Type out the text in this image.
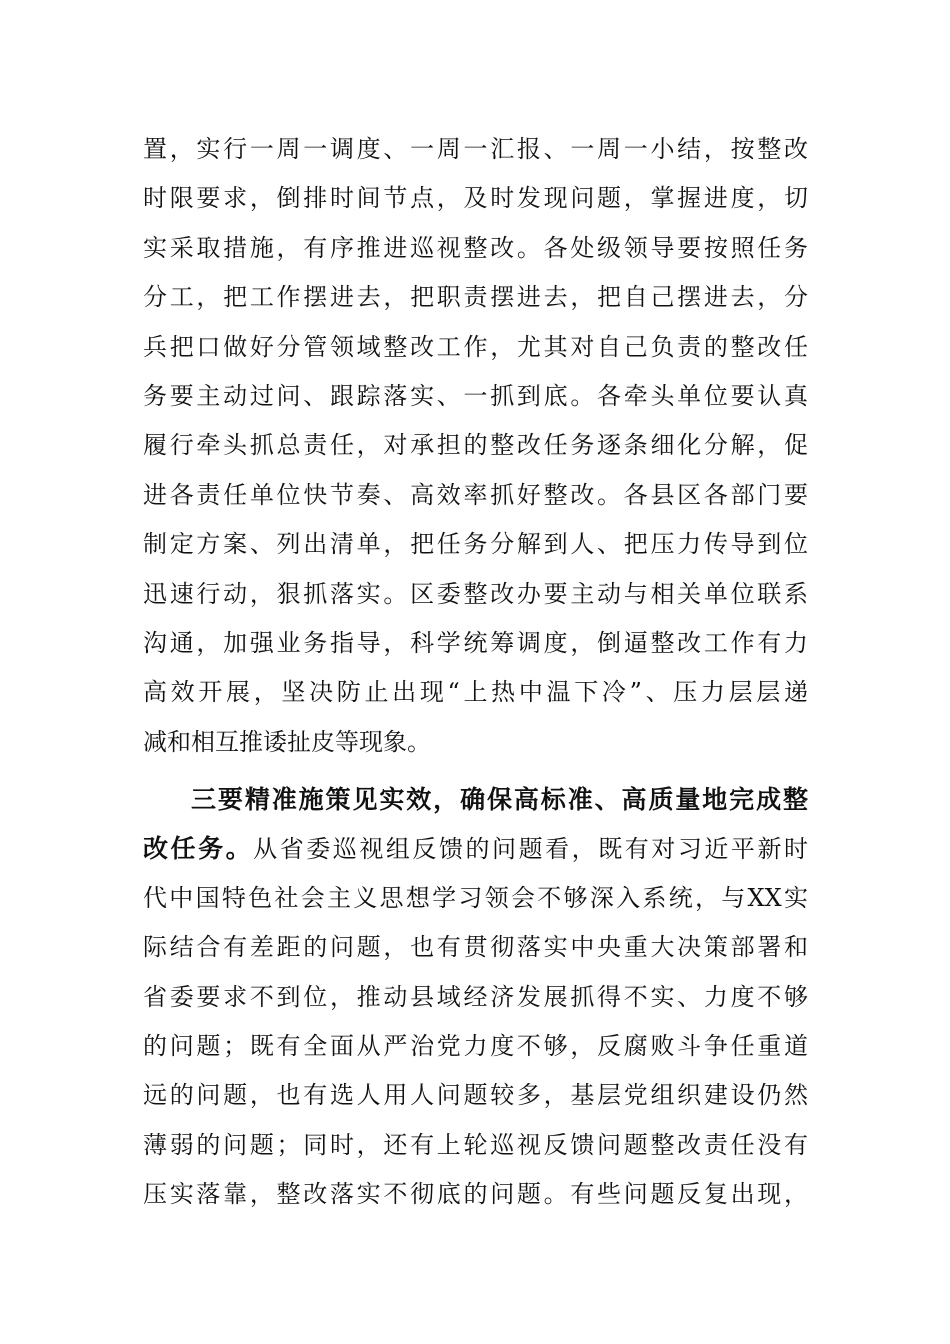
置，实行一周一调度、一周一汇报、一周一小结，按整改
时限要求，倒排时间节点，及时发现问题，掌握进度，切
实采取措施，有序推进巡视整改。各处级领导要按照任务
分工，把工作摆进去，把职责摆进去，把自己摆进去，分
兵把口做好分管领域整改工作，尤其对自己负责的整改任
务要主动过问、跟踪落实、一抓到底。各牵头单位要认真
履行牵头抓总责任，对承担的整改任务逐条细化分解，促
进各责任单位快节奏、高效率抓好整改。各县区各部门要
制定方案、列出清单，把任务分解到人、把压力传导到位
迅速行动，狠抓落实。区委整改办要主动与相关单位联系
沟通，加强业务指导，科学统筹调度，倒逼整改工作有力
高效开展，坚决防止出现“上热中温下冷”、压力层层递
减和相互推诿扯皮等现象。
三要精准施策见实效，确保高标准、高质量地完成整
改任务。从省委巡视组反馈的问题看，既有对习近平新时
代中国特色社会主义思想学习领会不够深入系统，与XX实
际结合有差距的问题，也有贯彻落实中央重大决策部署和
省委要求不到位，推动县域经济发展抓得不实、力度不够
的问题；既有全面从严治党力度不够，反腐败斗争任重道
远的问题，也有选人用人问题较多，基层党组织建设仍然
薄弱的问题；同时，还有上轮巡视反馈问题整改责任没有
压实落靠，整改落实不彻底的问题。有些问题反复出现，
